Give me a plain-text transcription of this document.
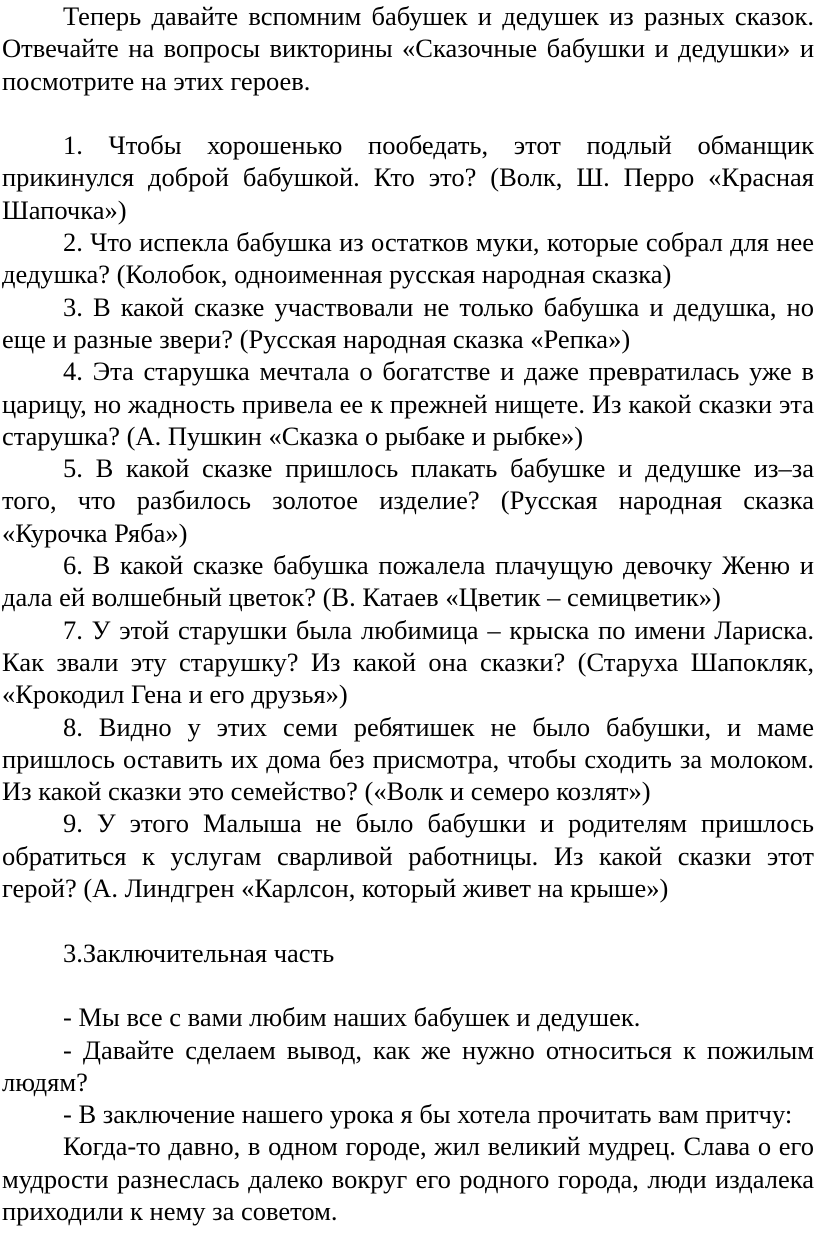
Теперь давайте вспомним бабушек и дедушек из разных сказок. Отвечайте на вопросы викторины «Сказочные бабушки и дедушки» и посмотрите на этих героев.

1. Чтобы хорошенько пообедать, этот подлый обманщик прикинулся доброй бабушкой. Кто это? (Волк, Ш. Перро «Красная Шапочка»)

2. Что испекла бабушка из остатков муки, которые собрал для нее дедушка? (Колобок, одноименная русская народная сказка)

3. В какой сказке участвовали не только бабушка и дедушка, но еще и разные звери? (Русская народная сказка «Репка»)

4. Эта старушка мечтала о богатстве и даже превратилась уже в царицу, но жадность привела ее к прежней нищете. Из какой сказки эта старушка? (А. Пушкин «Сказка о рыбаке и рыбке»)

5. В какой сказке пришлось плакать бабушке и дедушке из–за того, что разбилось золотое изделие? (Русская народная сказка «Курочка Ряба»)

6. В какой сказке бабушка пожалела плачущую девочку Женю и дала ей волшебный цветок? (В. Катаев «Цветик – семицветик»)

7. У этой старушки была любимица – крыска по имени Лариска. Как звали эту старушку? Из какой она сказки? (Старуха Шапокляк, «Крокодил Гена и его друзья»)

8. Видно у этих семи ребятишек не было бабушки, и маме пришлось оставить их дома без присмотра, чтобы сходить за молоком. Из какой сказки это семейство? («Волк и семеро козлят»)

9. У этого Малыша не было бабушки и родителям пришлось обратиться к услугам сварливой работницы. Из какой сказки этот герой? (А. Линдгрен «Карлсон, который живет на крыше»)

3.Заключительная часть

- Мы все с вами любим наших бабушек и дедушек.

- Давайте сделаем вывод, как же нужно относиться к пожилым людям?

- В заключение нашего урока я бы хотела прочитать вам притчу:

Когда-то давно, в одном городе, жил великий мудрец. Слава о его мудрости разнеслась далеко вокруг его родного города, люди издалека приходили к нему за советом.
